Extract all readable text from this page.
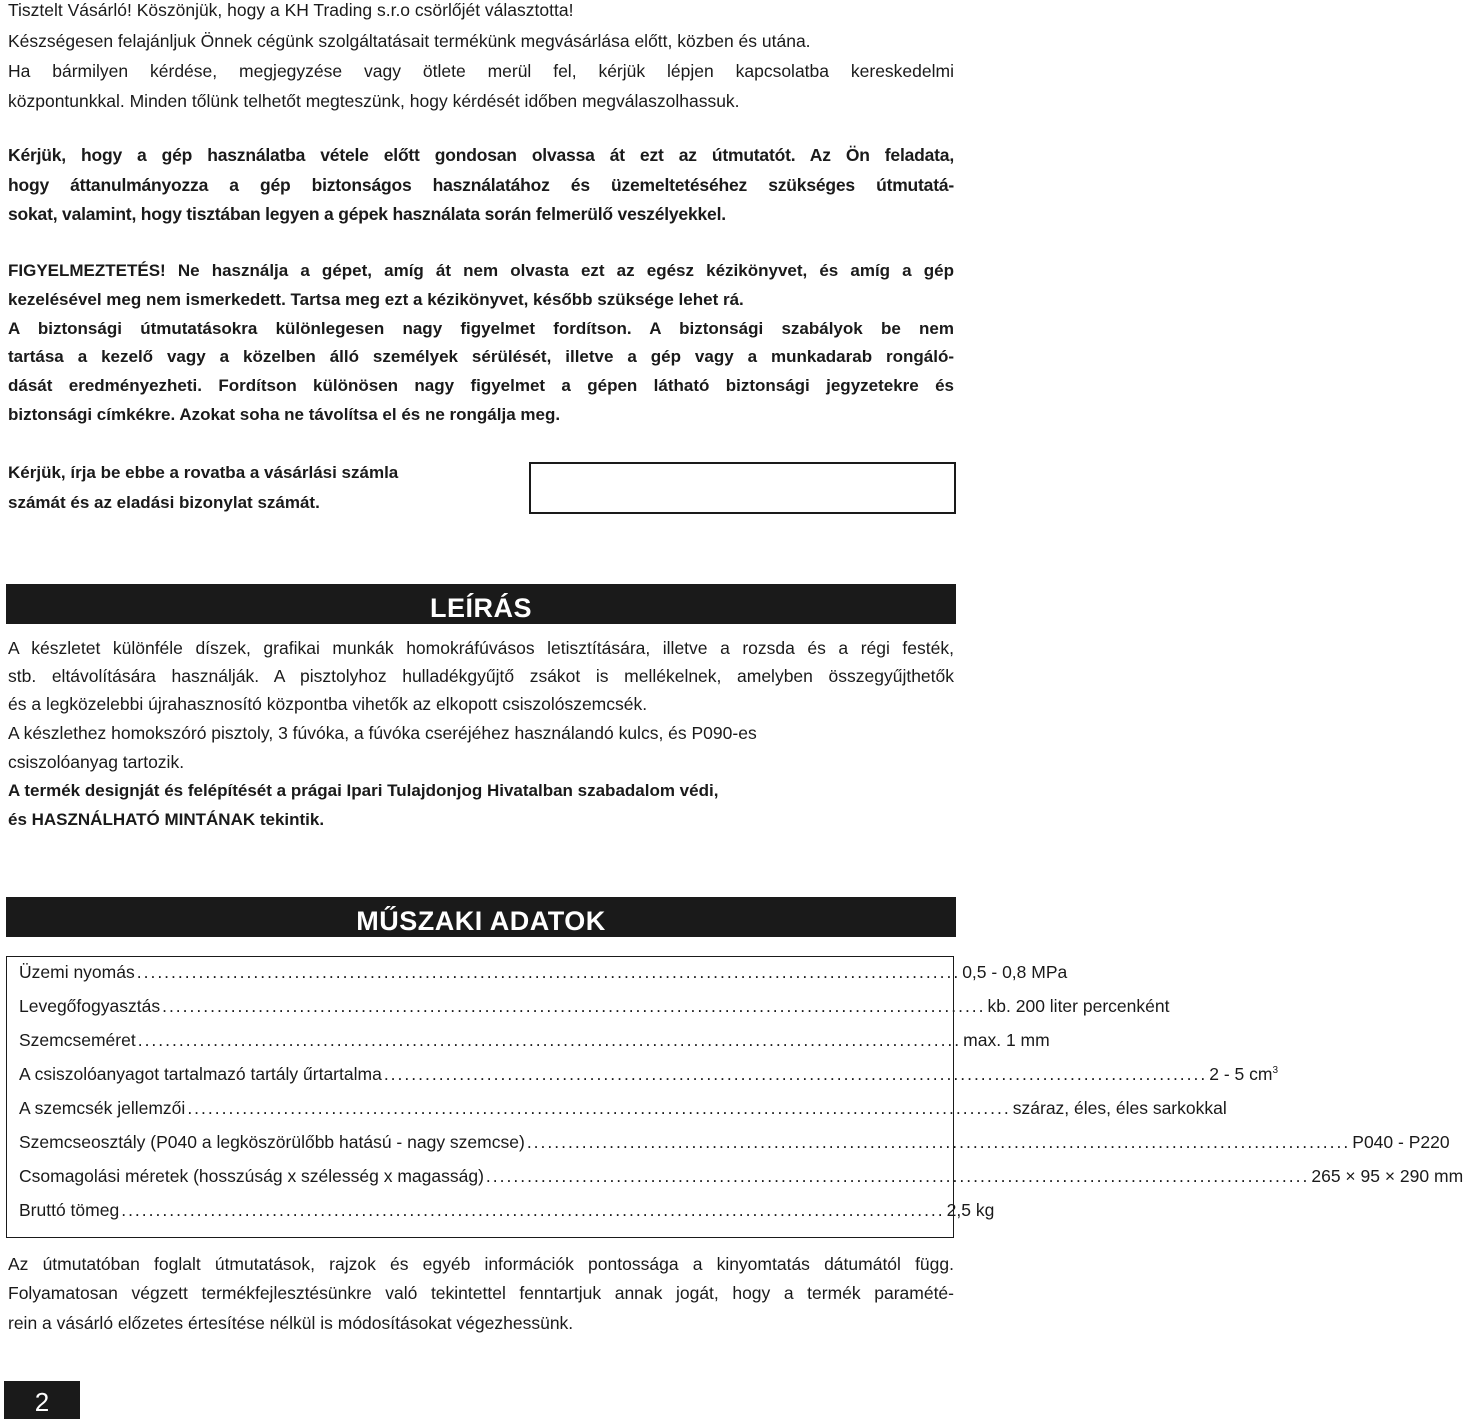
Tisztelt Vásárló! Köszönjük, hogy a KH Trading s.r.o csörlőjét választotta!
Készségesen felajánljuk Önnek cégünk szolgáltatásait termékünk megvásárlása előtt, közben és utána.
Ha bármilyen kérdése, megjegyzése vagy ötlete merül fel, kérjük lépjen kapcsolatba kereskedelmi
központunkkal. Minden tőlünk telhetőt megteszünk, hogy kérdését időben megválaszolhassuk.
Kérjük, hogy a gép használatba vétele előtt gondosan olvassa át ezt az útmutatót. Az Ön feladata,
hogy áttanulmányozza a gép biztonságos használatához és üzemeltetéséhez szükséges útmutatá-
sokat, valamint, hogy tisztában legyen a gépek használata során felmerülő veszélyekkel.
FIGYELMEZTETÉS! Ne használja a gépet, amíg át nem olvasta ezt az egész kézikönyvet, és amíg a gép
kezelésével meg nem ismerkedett. Tartsa meg ezt a kézikönyvet, később szüksége lehet rá.
A biztonsági útmutatásokra különlegesen nagy figyelmet fordítson. A biztonsági szabályok be nem
tartása a kezelő vagy a közelben álló személyek sérülését, illetve a gép vagy a munkadarab rongáló-
dását eredményezheti. Fordítson különösen nagy figyelmet a gépen látható biztonsági jegyzetekre és
biztonsági címkékre. Azokat soha ne távolítsa el és ne rongálja meg.
Kérjük, írja be ebbe a rovatba a vásárlási számla
számát és az eladási bizonylat számát.
LEÍRÁS
A készletet különféle díszek, grafikai munkák homokráfúvásos letisztítására, illetve a rozsda és a régi festék,
stb. eltávolítására használják. A pisztolyhoz hulladékgyűjtő zsákot is mellékelnek, amelyben összegyűjthetők
és a legközelebbi újrahasznosító központba vihetők az elkopott csiszolószemcsék.
A készlethez homokszóró pisztoly, 3 fúvóka, a fúvóka cseréjéhez használandó kulcs, és P090-es
csiszolóanyag tartozik.
A termék designját és felépítését a prágai Ipari Tulajdonjog Hivatalban szabadalom védi,
és HASZNÁLHATÓ MINTÁNAK tekintik.
MŰSZAKI ADATOK
Üzemi nyomás ........................................................................................................................ 0,5 - 0,8 MPa
Levegőfogyasztás ........................................................................................................................ kb. 200 liter percenként
Szemcseméret ........................................................................................................................ max. 1 mm
A csiszolóanyagot tartalmazó tartály űrtartalma ........................................................................................................................ 2 - 5 $cm^3$
A szemcsék jellemzői ........................................................................................................................ száraz, éles, éles sarkokkal
Szemcseosztály (P040 a legköszörülőbb hatású - nagy szemcse) ........................................................................................................................ P040 - P220
Csomagolási méretek (hosszúság x szélesség x magasság) ........................................................................................................................ 265 × 95 × 290 mm
Bruttó tömeg ........................................................................................................................ 2,5 kg
Az útmutatóban foglalt útmutatások, rajzok és egyéb információk pontossága a kinyomtatás dátumától függ.
Folyamatosan végzett termékfejlesztésünkre való tekintettel fenntartjuk annak jogát, hogy a termék paramété-
rein a vásárló előzetes értesítése nélkül is módosításokat végezhessünk.
2
